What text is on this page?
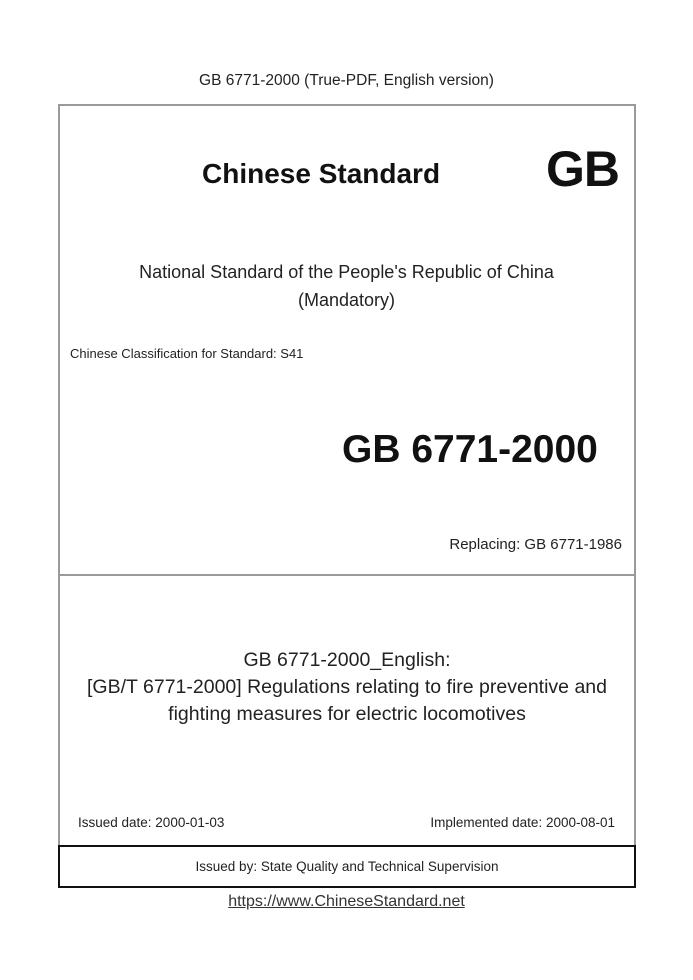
GB 6771-2000 (True-PDF, English version)
Chinese Standard GB
National Standard of the People's Republic of China
(Mandatory)
Chinese Classification for Standard: S41
GB 6771-2000
Replacing: GB 6771-1986
GB 6771-2000_English:
[GB/T 6771-2000] Regulations relating to fire preventive and
fighting measures for electric locomotives
Issued date: 2000-01-03	Implemented date: 2000-08-01
Issued by: State Quality and Technical Supervision
https://www.ChineseStandard.net
